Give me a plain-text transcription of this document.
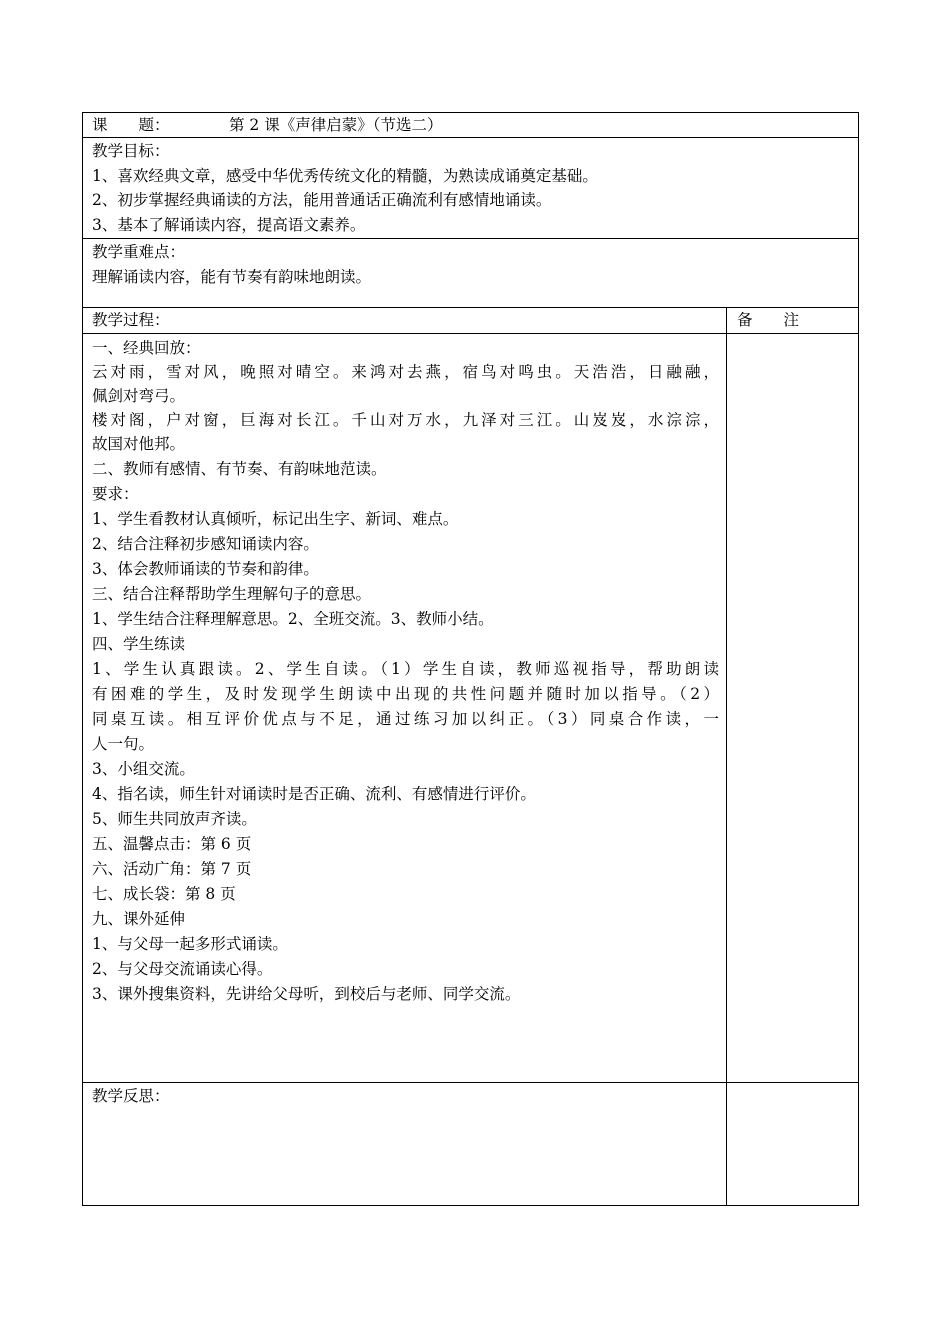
课　　题：	第 2 课《声律启蒙》（节选二）
教学目标：
1、喜欢经典文章，感受中华优秀传统文化的精髓，为熟读成诵奠定基础。
2、初步掌握经典诵读的方法，能用普通话正确流利有感情地诵读。
3、基本了解诵读内容，提高语文素养。
教学重难点：
理解诵读内容，能有节奏有韵味地朗读。
教学过程：	备　　注
一、经典回放：
云对雨，雪对风，晚照对晴空。来鸿对去燕，宿鸟对鸣虫。天浩浩，日融融，
佩剑对弯弓。
楼对阁，户对窗，巨海对长江。千山对万水，九泽对三江。山岌岌，水淙淙，
故国对他邦。
二、教师有感情、有节奏、有韵味地范读。
要求：
1、学生看教材认真倾听，标记出生字、新词、难点。
2、结合注释初步感知诵读内容。
3、体会教师诵读的节奏和韵律。
三、结合注释帮助学生理解句子的意思。
1、学生结合注释理解意思。2、全班交流。3、教师小结。
四、学生练读
1、学生认真跟读。2、学生自读。（1）学生自读，教师巡视指导，帮助朗读
有困难的学生，及时发现学生朗读中出现的共性问题并随时加以指导。（2）
同桌互读。相互评价优点与不足，通过练习加以纠正。（3）同桌合作读，一
人一句。
3、小组交流。
4、指名读，师生针对诵读时是否正确、流利、有感情进行评价。
5、师生共同放声齐读。
五、温馨点击：第 6 页
六、活动广角：第 7 页
七、成长袋：第 8 页
九、课外延伸
1、与父母一起多形式诵读。
2、与父母交流诵读心得。
3、课外搜集资料，先讲给父母听，到校后与老师、同学交流。
教学反思：
